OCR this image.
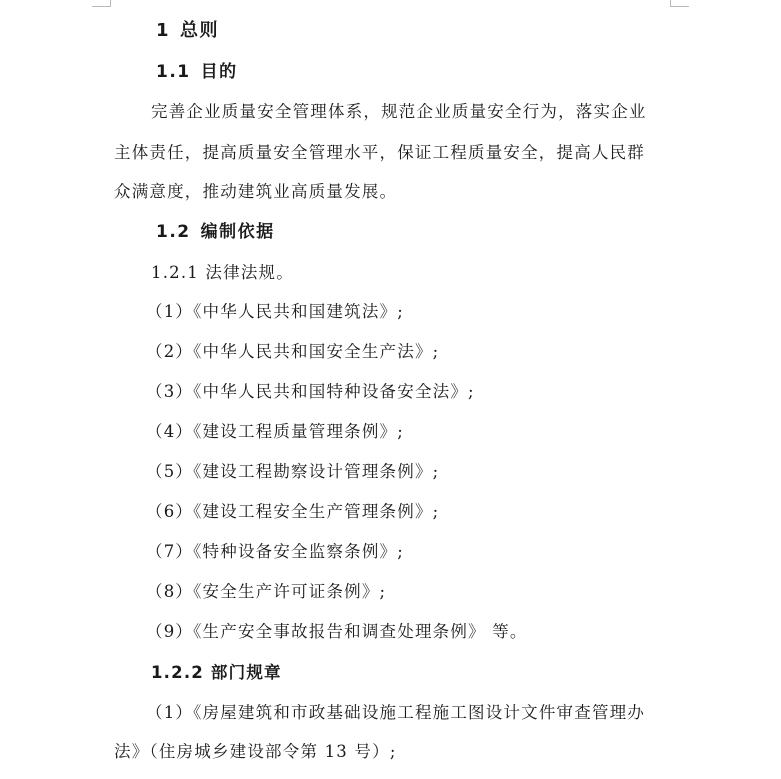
1 总则
1.1 目的
完善企业质量安全管理体系，规范企业质量安全行为，落实企业
主体责任，提高质量安全管理水平，保证工程质量安全，提高人民群
众满意度，推动建筑业高质量发展。
1.2 编制依据
1.2.1 法律法规。
（1）《中华人民共和国建筑法》;
（2）《中华人民共和国安全生产法》;
（3）《中华人民共和国特种设备安全法》;
（4）《建设工程质量管理条例》;
（5）《建设工程勘察设计管理条例》;
（6）《建设工程安全生产管理条例》;
（7）《特种设备安全监察条例》;
（8）《安全生产许可证条例》;
（9）《生产安全事故报告和调查处理条例》 等。
1.2.2 部门规章
（1）《房屋建筑和市政基础设施工程施工图设计文件审查管理办
法》（住房城乡建设部令第 13 号）;
